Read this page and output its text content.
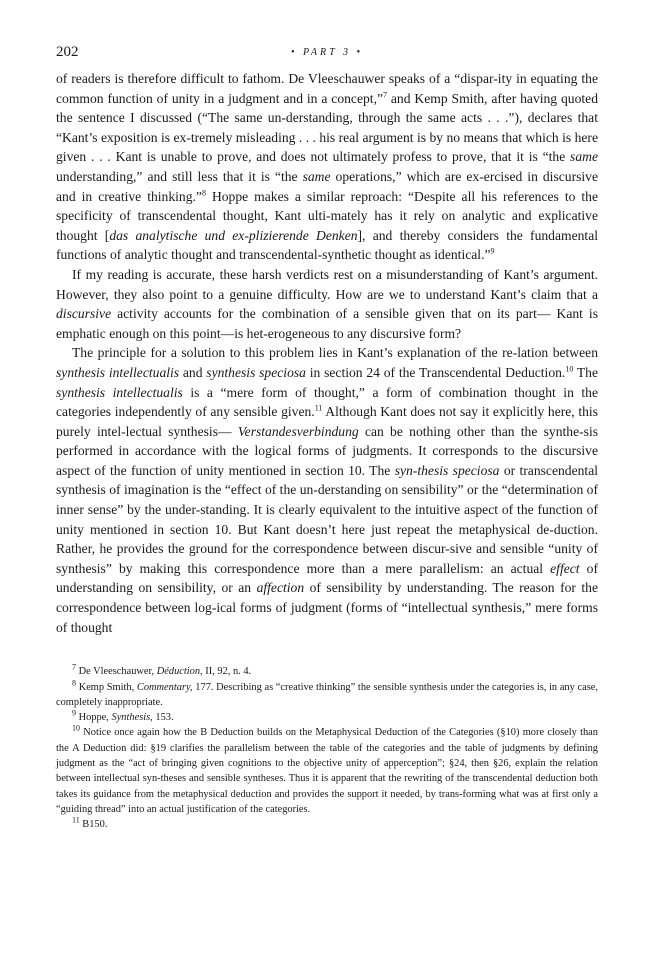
202	• PART 3 •

of readers is therefore difficult to fathom. De Vleeschauwer speaks of a “dispar-ity in equating the common function of unity in a judgment and in a concept,”$^7$ and Kemp Smith, after having quoted the sentence I discussed (“The same un-derstanding, through the same acts . . .”), declares that “Kant’s exposition is ex-tremely misleading . . . his real argument is by no means that which is here given . . . Kant is unable to prove, and does not ultimately profess to prove, that it is “the same understanding,” and still less that it is “the same operations,” which are ex-ercised in discursive and in creative thinking.”$^8$ Hoppe makes a similar reproach: “Despite all his references to the specificity of transcendental thought, Kant ulti-mately has it rely on analytic and explicative thought [das analytische und ex-plizierende Denken], and thereby considers the fundamental functions of analytic thought and transcendental-synthetic thought as identical.”$^9$

If my reading is accurate, these harsh verdicts rest on a misunderstanding of Kant’s argument. However, they also point to a genuine difficulty. How are we to understand Kant’s claim that a discursive activity accounts for the combination of a sensible given that on its part— Kant is emphatic enough on this point—is het-erogeneous to any discursive form?

The principle for a solution to this problem lies in Kant’s explanation of the re-lation between synthesis intellectualis and synthesis speciosa in section 24 of the Transcendental Deduction.$^{10}$ The synthesis intellectualis is a “mere form of thought,” a form of combination thought in the categories independently of any sensible given.$^{11}$ Although Kant does not say it explicitly here, this purely intel-lectual synthesis— Verstandesverbindung can be nothing other than the synthe-sis performed in accordance with the logical forms of judgments. It corresponds to the discursive aspect of the function of unity mentioned in section 10. The syn-thesis speciosa or transcendental synthesis of imagination is the “effect of the un-derstanding on sensibility” or the “determination of inner sense” by the under-standing. It is clearly equivalent to the intuitive aspect of the function of unity mentioned in section 10. But Kant doesn’t here just repeat the metaphysical de-duction. Rather, he provides the ground for the correspondence between discur-sive and sensible “unity of synthesis” by making this correspondence more than a mere parallelism: an actual effect of understanding on sensibility, or an affection of sensibility by understanding. The reason for the correspondence between log-ical forms of judgment (forms of “intellectual synthesis,” mere forms of thought

$^7$ De Vleeschauwer, Déduction, II, 92, n. 4.

$^8$ Kemp Smith, Commentary, 177. Describing as “creative thinking” the sensible synthesis under the categories is, in any case, completely inappropriate.

$^9$ Hoppe, Synthesis, 153.

$^{10}$ Notice once again how the B Deduction builds on the Metaphysical Deduction of the Categories (§10) more closely than the A Deduction did: §19 clarifies the parallelism between the table of the categories and the table of judgments by defining judgment as the “act of bringing given cognitions to the objective unity of apperception”; §24, then §26, explain the relation between intellectual syn-theses and sensible syntheses. Thus it is apparent that the rewriting of the transcendental deduction both takes its guidance from the metaphysical deduction and provides the support it needed, by trans-forming what was at first only a “guiding thread” into an actual justification of the categories.

$^{11}$ B150.
